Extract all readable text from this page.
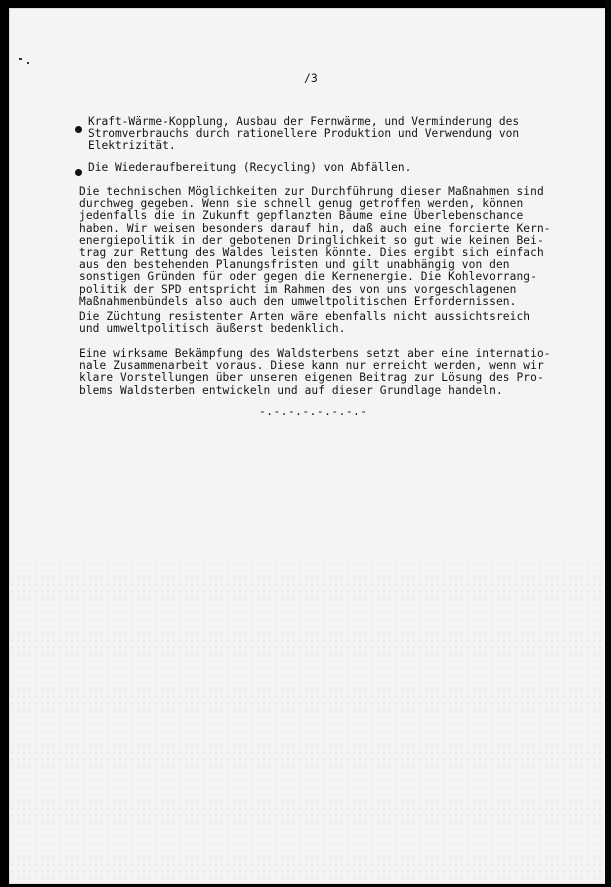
/3
Kraft-Wärme-Kopplung, Ausbau der Fernwärme, und Verminderung des
Stromverbrauchs durch rationellere Produktion und Verwendung von
Elektrizität.
Die Wiederaufbereitung (Recycling) von Abfällen.
Die technischen Möglichkeiten zur Durchführung dieser Maßnahmen sind
durchweg gegeben. Wenn sie schnell genug getroffen werden, können
jedenfalls die in Zukunft gepflanzten Bäume eine Überlebenschance
haben. Wir weisen besonders darauf hin, daß auch eine forcierte Kern-
energiepolitik in der gebotenen Dringlichkeit so gut wie keinen Bei-
trag zur Rettung des Waldes leisten könnte. Dies ergibt sich einfach
aus den bestehenden Planungsfristen und gilt unabhängig von den
sonstigen Gründen für oder gegen die Kernenergie. Die Kohlevorrang-
politik der SPD entspricht im Rahmen des von uns vorgeschlagenen
Maßnahmenbündels also auch den umweltpolitischen Erfordernissen.
Die Züchtung resistenter Arten wäre ebenfalls nicht aussichtsreich
und umweltpolitisch äußerst bedenklich.
Eine wirksame Bekämpfung des Waldsterbens setzt aber eine internatio-
nale Zusammenarbeit voraus. Diese kann nur erreicht werden, wenn wir
klare Vorstellungen über unseren eigenen Beitrag zur Lösung des Pro-
blems Waldsterben entwickeln und auf dieser Grundlage handeln.
-.-.-.-.-.-.-.-
